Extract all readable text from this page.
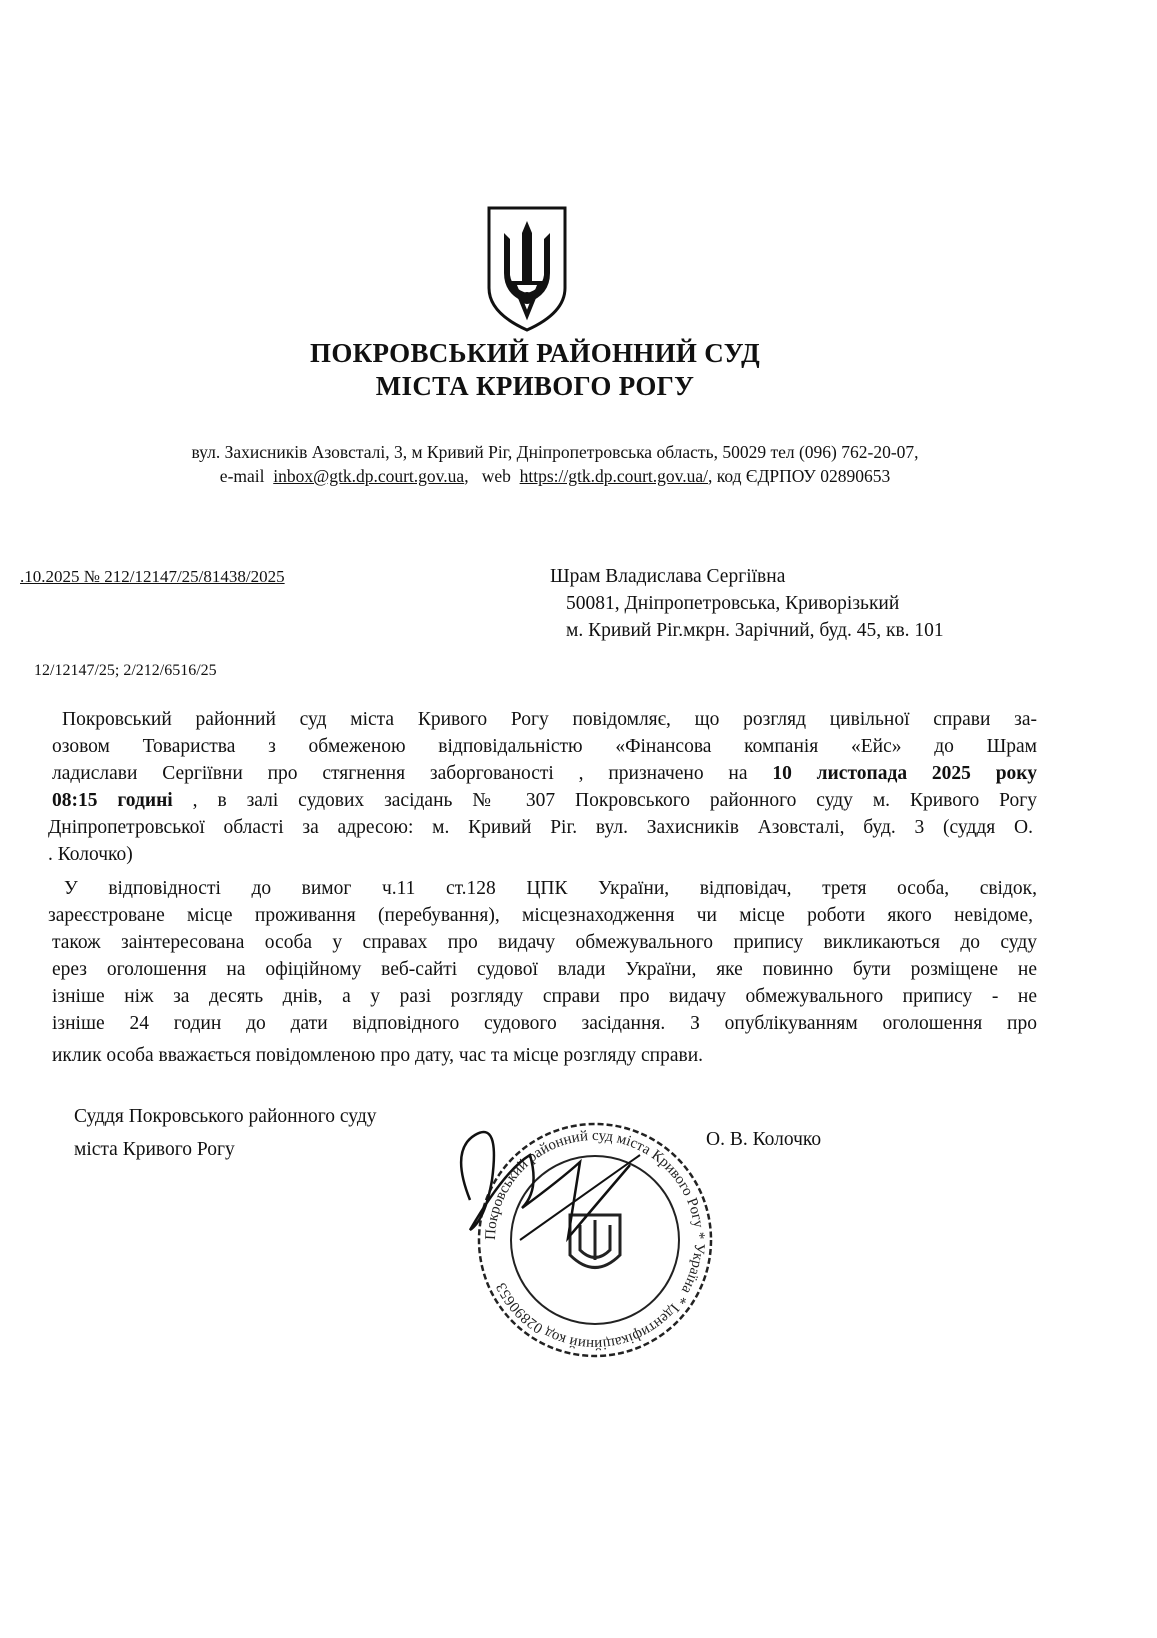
ПОКРОВСЬКИЙ РАЙОННИЙ СУД
МІСТА КРИВОГО РОГУ
вул. Захисників Азовсталі, 3, м Кривий Ріг, Дніпропетровська область, 50029 тел (096) 762-20-07,
e-mail inbox@gtk.dp.court.gov.ua,   web https://gtk.dp.court.gov.ua/, код ЄДРПОУ 02890653
.10.2025 № 212/12147/25/81438/2025
12/12147/25; 2/212/6516/25
Шрам Владислава Сергіївна
50081, Дніпропетровська, Криворізький
м. Кривий Ріг.мкрн. Зарічний, буд. 45, кв. 101
Покровський районний суд міста Кривого Рогу повідомляє, що розгляд цивільної справи за-
озовом Товариства з обмеженою відповідальністю «Фінансова компанія «Ейс» до Шрам
ладислави Сергіївни про стягнення заборгованості , призначено на 10 листопада 2025 року
08:15 годині , в залі судових засідань № 307 Покровського районного суду м. Кривого Рогу
Дніпропетровської області за адресою: м. Кривий Ріг. вул. Захисників Азовсталі, буд. 3 (суддя О.
. Колочко)
У відповідності до вимог ч.11 ст.128 ЦПК України, відповідач, третя особа, свідок,
зареєстроване місце проживання (перебування), місцезнаходження чи місце роботи якого невідоме,
також заінтересована особа у справах про видачу обмежувального припису викликаються до суду
ерез оголошення на офіційному веб-сайті судової влади України, яке повинно бути розміщене не
ізніше ніж за десять днів, а у разі розгляду справи про видачу обмежувального припису - не
ізніше 24 годин до дати відповідного судового засідання. З опублікуванням оголошення про
иклик особа вважається повідомленою про дату, час та місце розгляду справи.
Суддя Покровського районного суду
міста Кривого Рогу	О. В. Колочко
Покровський районний суд міста Кривого Рогу * Україна * Ідентифікаційний код 02890653
